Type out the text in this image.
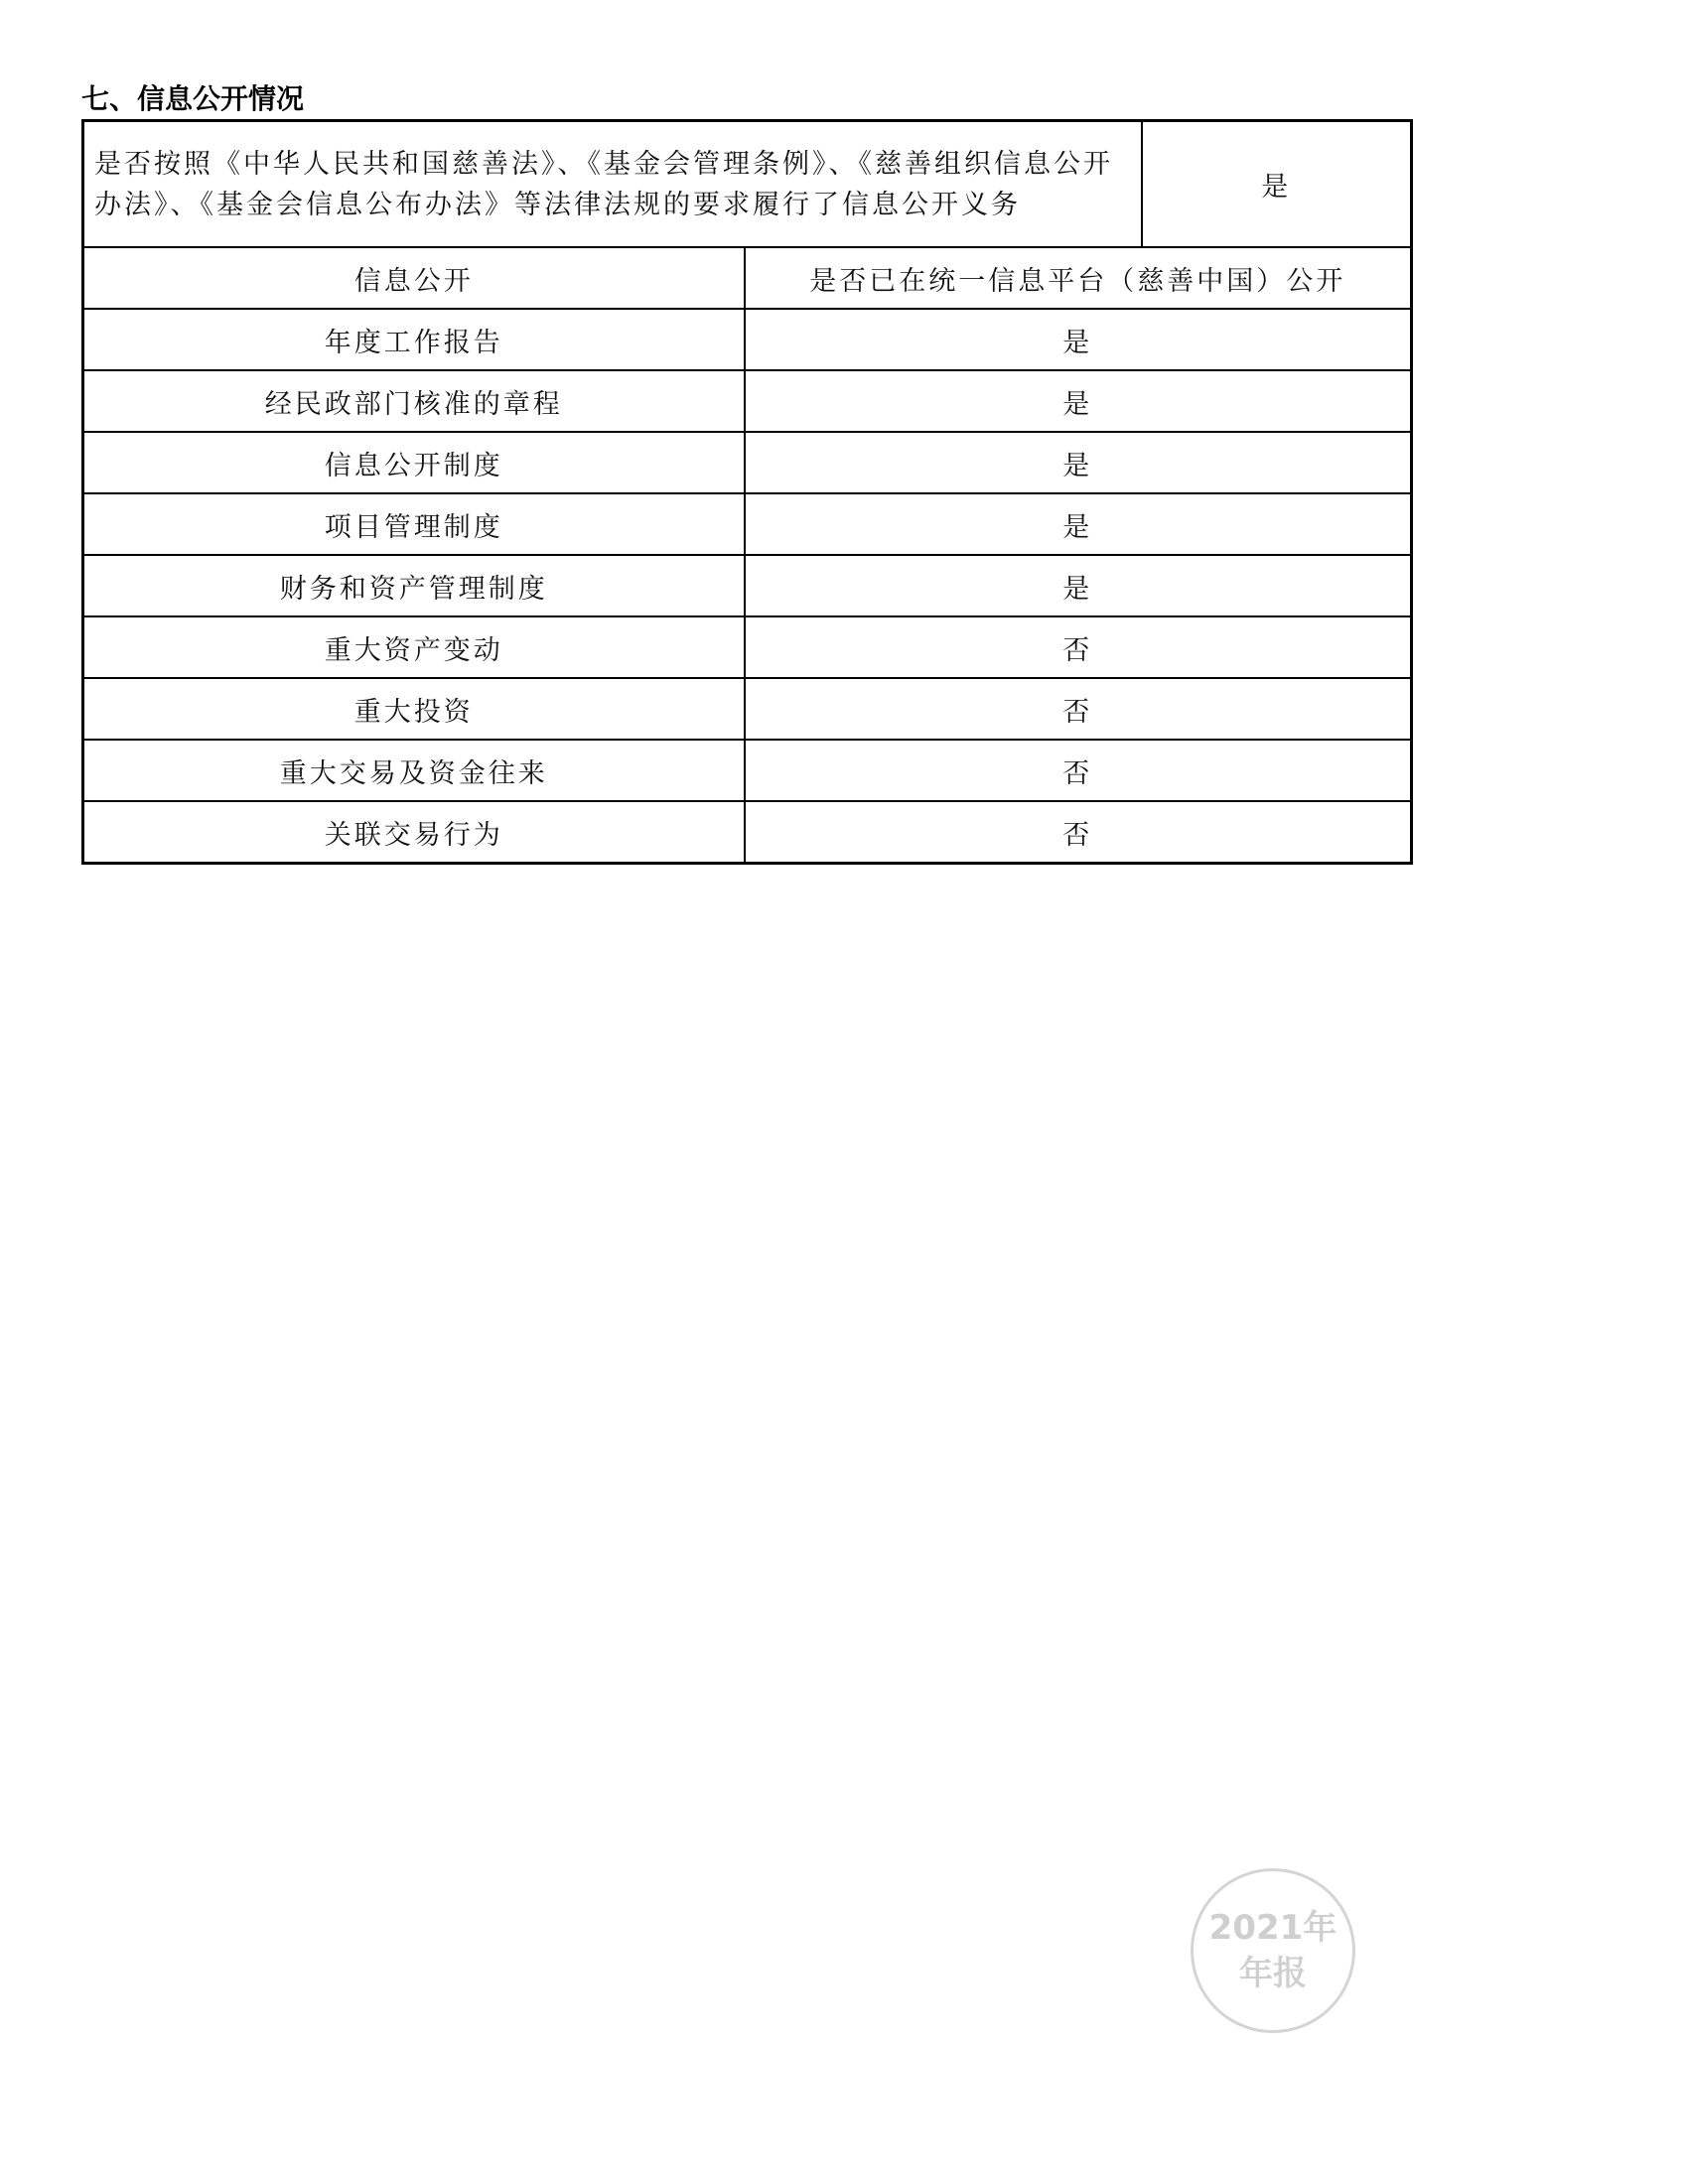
七、信息公开情况
是否按照《中华人民共和国慈善法》、《基金会管理条例》、《慈善组织信息公开办法》、《基金会信息公布办法》等法律法规的要求履行了信息公开义务		是
信息公开	是否已在统一信息平台（慈善中国）公开	
年度工作报告	是	
经民政部门核准的章程	是	
信息公开制度	是	
项目管理制度	是	
财务和资产管理制度	是	
重大资产变动	否	
重大投资	否	
重大交易及资金往来	否	
关联交易行为	否	
2021年
年报
